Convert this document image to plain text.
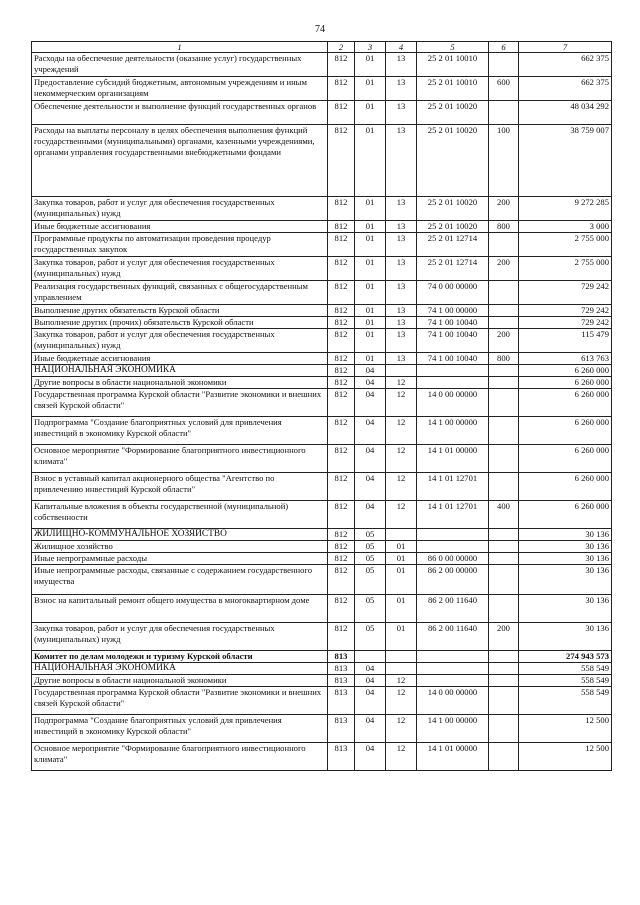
74
1	2	3	4	5	6	7
Расходы на обеспечение деятельности (оказание услуг) государственных учреждений	812	01	13	25 2 01 10010		662 375
Предоставление субсидий бюджетным, автономным учреждениям и иным некоммерческим организациям	812	01	13	25 2 01 10010	600	662 375
Обеспечение деятельности и выполнение функций государственных органов	812	01	13	25 2 01 10020		48 034 292
Расходы на выплаты персоналу в целях обеспечения выполнения функций государственными (муниципальными) органами, казенными учреждениями, органами управления государственными внебюджетными фондами	812	01	13	25 2 01 10020	100	38 759 007
Закупка товаров, работ и услуг для обеспечения государственных (муниципальных) нужд	812	01	13	25 2 01 10020	200	9 272 285
Иные бюджетные ассигнования	812	01	13	25 2 01 10020	800	3 000
Программные продукты по автоматизации проведения процедур государственных закупок	812	01	13	25 2 01 12714		2 755 000
Закупка товаров, работ и услуг для обеспечения государственных (муниципальных) нужд	812	01	13	25 2 01 12714	200	2 755 000
Реализация государственных функций, связанных с общегосударственным управлением	812	01	13	74 0 00 00000		729 242
Выполнение других обязательств Курской области	812	01	13	74 1 00 00000		729 242
Выполнение других (прочих) обязательств Курской области	812	01	13	74 1 00 10040		729 242
Закупка товаров, работ и услуг для обеспечения государственных (муниципальных) нужд	812	01	13	74 1 00 10040	200	115 479
Иные бюджетные ассигнования	812	01	13	74 1 00 10040	800	613 763
НАЦИОНАЛЬНАЯ ЭКОНОМИКА	812	04				6 260 000
Другие вопросы в области национальной экономики	812	04	12			6 260 000
Государственная программа Курской области "Развитие экономики и внешних связей Курской области"	812	04	12	14 0 00 00000		6 260 000
Подпрограмма "Создание благоприятных условий для привлечения инвестиций в экономику Курской области"	812	04	12	14 1 00 00000		6 260 000
Основное мероприятие "Формирование благоприятного инвестиционного климата"	812	04	12	14 1 01 00000		6 260 000
Взнос в уставный капитал акционерного общества "Агентство по привлечению инвестиций Курской области"	812	04	12	14 1 01 12701		6 260 000
Капитальные вложения в объекты государственной (муниципальной) собственности	812	04	12	14 1 01 12701	400	6 260 000
ЖИЛИЩНО-КОММУНАЛЬНОЕ ХОЗЯЙСТВО	812	05				30 136
Жилищное хозяйство	812	05	01			30 136
Иные непрограммные расходы	812	05	01	86 0 00 00000		30 136
Иные непрограммные расходы, связанные с содержанием государственного имущества	812	05	01	86 2 00 00000		30 136
Взнос на капитальный ремонт общего имущества в многоквартирном доме	812	05	01	86 2 00 11640		30 136
Закупка товаров, работ и услуг для обеспечения государственных (муниципальных) нужд	812	05	01	86 2 00 11640	200	30 136
Комитет по делам молодежи и туризму Курской области	813					274 943 573
НАЦИОНАЛЬНАЯ ЭКОНОМИКА	813	04				558 549
Другие вопросы в области национальной экономики	813	04	12			558 549
Государственная программа Курской области "Развитие экономики и внешних связей Курской области"	813	04	12	14 0 00 00000		558 549
Подпрограмма "Создание благоприятных условий для привлечения инвестиций в экономику Курской области"	813	04	12	14 1 00 00000		12 500
Основное мероприятие "Формирование благоприятного инвестиционного климата"	813	04	12	14 1 01 00000		12 500
